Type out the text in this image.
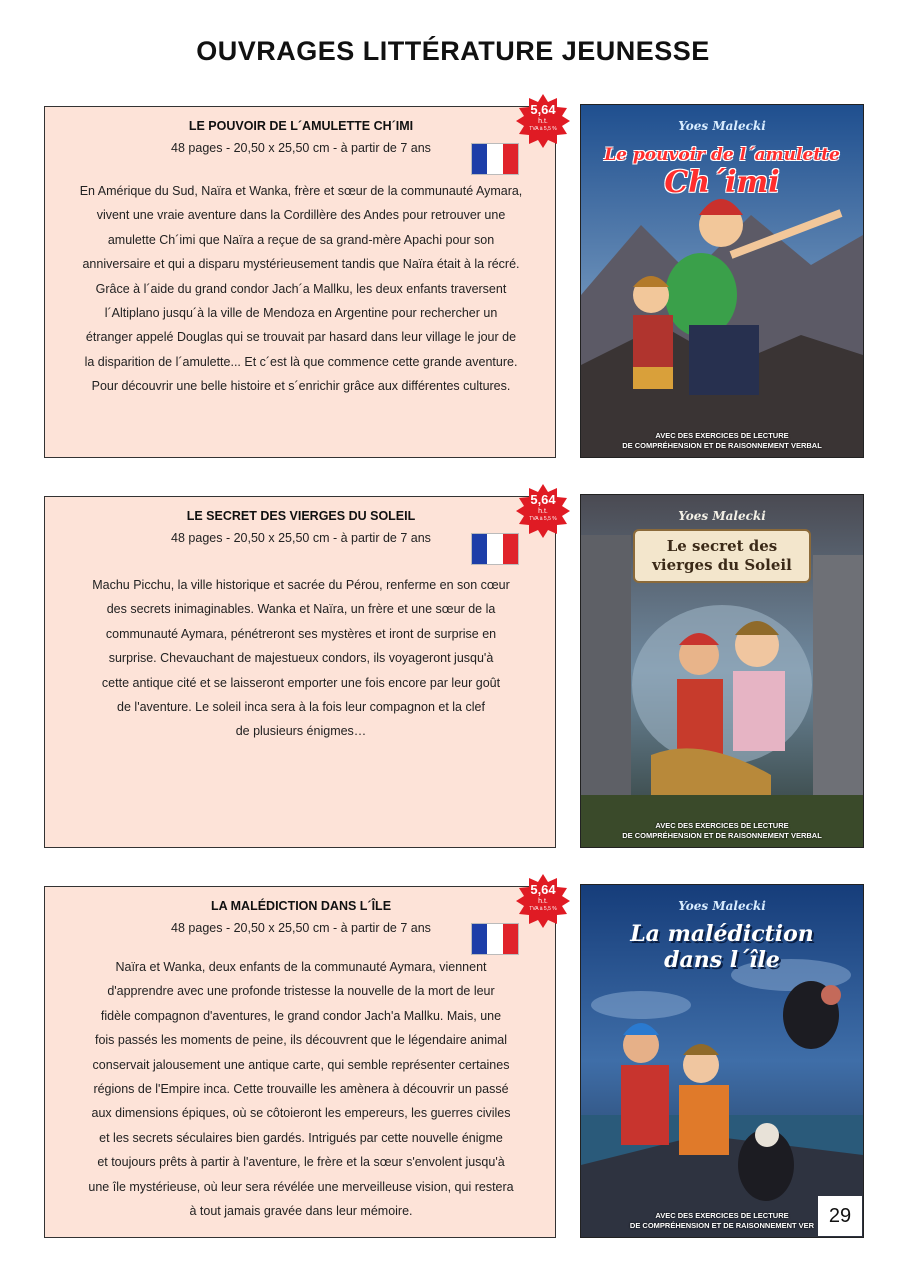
OUVRAGES LITTÉRATURE JEUNESSE
LE POUVOIR DE L´AMULETTE CH´IMI
48 pages - 20,50 x 25,50 cm - à partir de 7 ans
En Amérique du Sud, Naïra et Wanka, frère et sœur de la communauté Aymara,
vivent une vraie aventure dans la Cordillère des Andes pour retrouver une
amulette Ch´imi que Naïra a reçue de sa grand-mère Apachi pour son
anniversaire et qui a disparu mystérieusement tandis que Naïra était à la récré.
Grâce à l´aide du grand condor Jach´a Mallku, les deux enfants traversent
l´Altiplano jusqu´à la ville de Mendoza en Argentine pour rechercher un
étranger appelé Douglas qui se trouvait par hasard dans leur village le jour de
la disparition de l´amulette... Et c´est là que commence cette grande aventure.
Pour découvrir une belle histoire et s´enrichir grâce aux différentes cultures.
5,64
h.t.
TVA à 5,5 %	Yoes Malecki
Le pouvoir de l´amulette
Ch´imi
AVEC DES EXERCICES DE LECTURE
DE COMPRÉHENSION ET DE RAISONNEMENT VERBAL
LE SECRET DES VIERGES DU SOLEIL
48 pages - 20,50 x 25,50 cm - à partir de 7 ans
Machu Picchu, la ville historique et sacrée du Pérou, renferme en son cœur
des secrets inimaginables. Wanka et Naïra, un frère et une sœur de la
communauté Aymara, pénétreront ses mystères et iront de surprise en
surprise. Chevauchant de majestueux condors, ils voyageront jusqu'à
cette antique cité et se laisseront emporter une fois encore par leur goût
de l'aventure. Le soleil inca sera à la fois leur compagnon et la clef
de plusieurs énigmes…
5,64
h.t.
TVA à 5,5 %	Yoes Malecki
Le secret des
vierges du Soleil
AVEC DES EXERCICES DE LECTURE
DE COMPRÉHENSION ET DE RAISONNEMENT VERBAL
LA MALÉDICTION DANS L´ÎLE
48 pages - 20,50 x 25,50 cm - à partir de 7 ans
Naïra et Wanka, deux enfants de la communauté Aymara, viennent
d'apprendre avec une profonde tristesse la nouvelle de la mort de leur
fidèle compagnon d'aventures, le grand condor Jach'a Mallku. Mais, une
fois passés les moments de peine, ils découvrent que le légendaire animal
conservait jalousement une antique carte, qui semble représenter certaines
régions de l'Empire inca. Cette trouvaille les amènera à découvrir un passé
aux dimensions épiques, où se côtoieront les empereurs, les guerres civiles
et les secrets séculaires bien gardés. Intrigués par cette nouvelle énigme
et toujours prêts à partir à l'aventure, le frère et la sœur s'envolent jusqu'à
une île mystérieuse, où leur sera révélée une merveilleuse vision, qui restera
à tout jamais gravée dans leur mémoire.
5,64
h.t.
TVA à 5,5 %	Yoes Malecki
La malédiction
dans l´île
AVEC DES EXERCICES DE LECTURE
DE COMPRÉHENSION ET DE RAISONNEMENT VER 29
